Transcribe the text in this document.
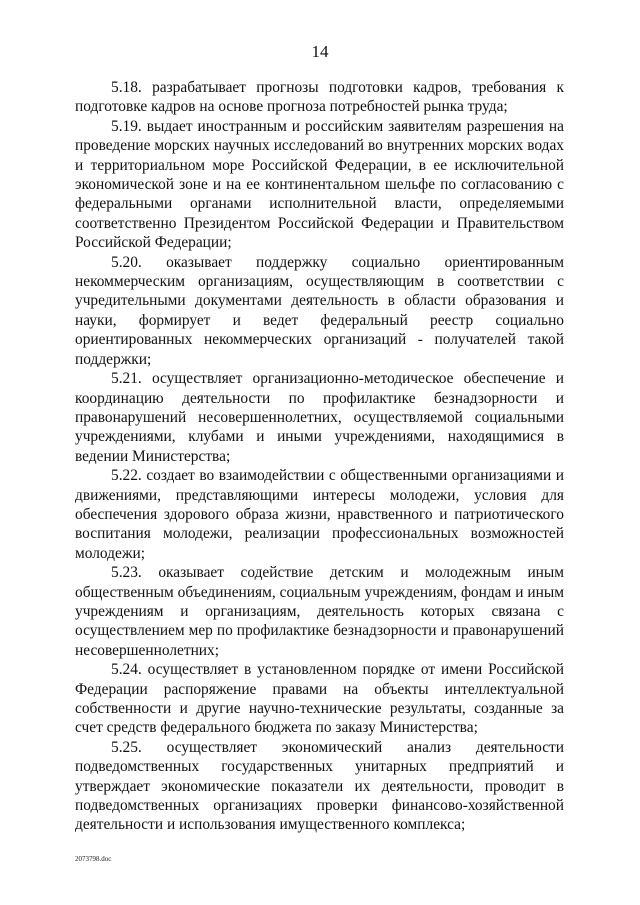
14

5.18. разрабатывает прогнозы подготовки кадров, требования к подготовке кадров на основе прогноза потребностей рынка труда;

5.19. выдает иностранным и российским заявителям разрешения на проведение морских научных исследований во внутренних морских водах и территориальном море Российской Федерации, в ее исключительной экономической зоне и на ее континентальном шельфе по согласованию с федеральными органами исполнительной власти, определяемыми соответственно Президентом Российской Федерации и Правительством Российской Федерации;

5.20. оказывает поддержку социально ориентированным некоммерческим организациям, осуществляющим в соответствии с учредительными документами деятельность в области образования и науки, формирует и ведет федеральный реестр социально ориентированных некоммерческих организаций - получателей такой поддержки;

5.21. осуществляет организационно-методическое обеспечение и координацию деятельности по профилактике безнадзорности и правонарушений несовершеннолетних, осуществляемой социальными учреждениями, клубами и иными учреждениями, находящимися в ведении Министерства;

5.22. создает во взаимодействии с общественными организациями и движениями, представляющими интересы молодежи, условия для обеспечения здорового образа жизни, нравственного и патриотического воспитания молодежи, реализации профессиональных возможностей молодежи;

5.23. оказывает содействие детским и молодежным иным общественным объединениям, социальным учреждениям, фондам и иным учреждениям и организациям, деятельность которых связана с осуществлением мер по профилактике безнадзорности и правонарушений несовершеннолетних;

5.24. осуществляет в установленном порядке от имени Российской Федерации распоряжение правами на объекты интеллектуальной собственности и другие научно-технические результаты, созданные за счет средств федерального бюджета по заказу Министерства;

5.25. осуществляет экономический анализ деятельности подведомственных государственных унитарных предприятий и утверждает экономические показатели их деятельности, проводит в подведомственных организациях проверки финансово-хозяйственной деятельности и использования имущественного комплекса;

2073798.doc
